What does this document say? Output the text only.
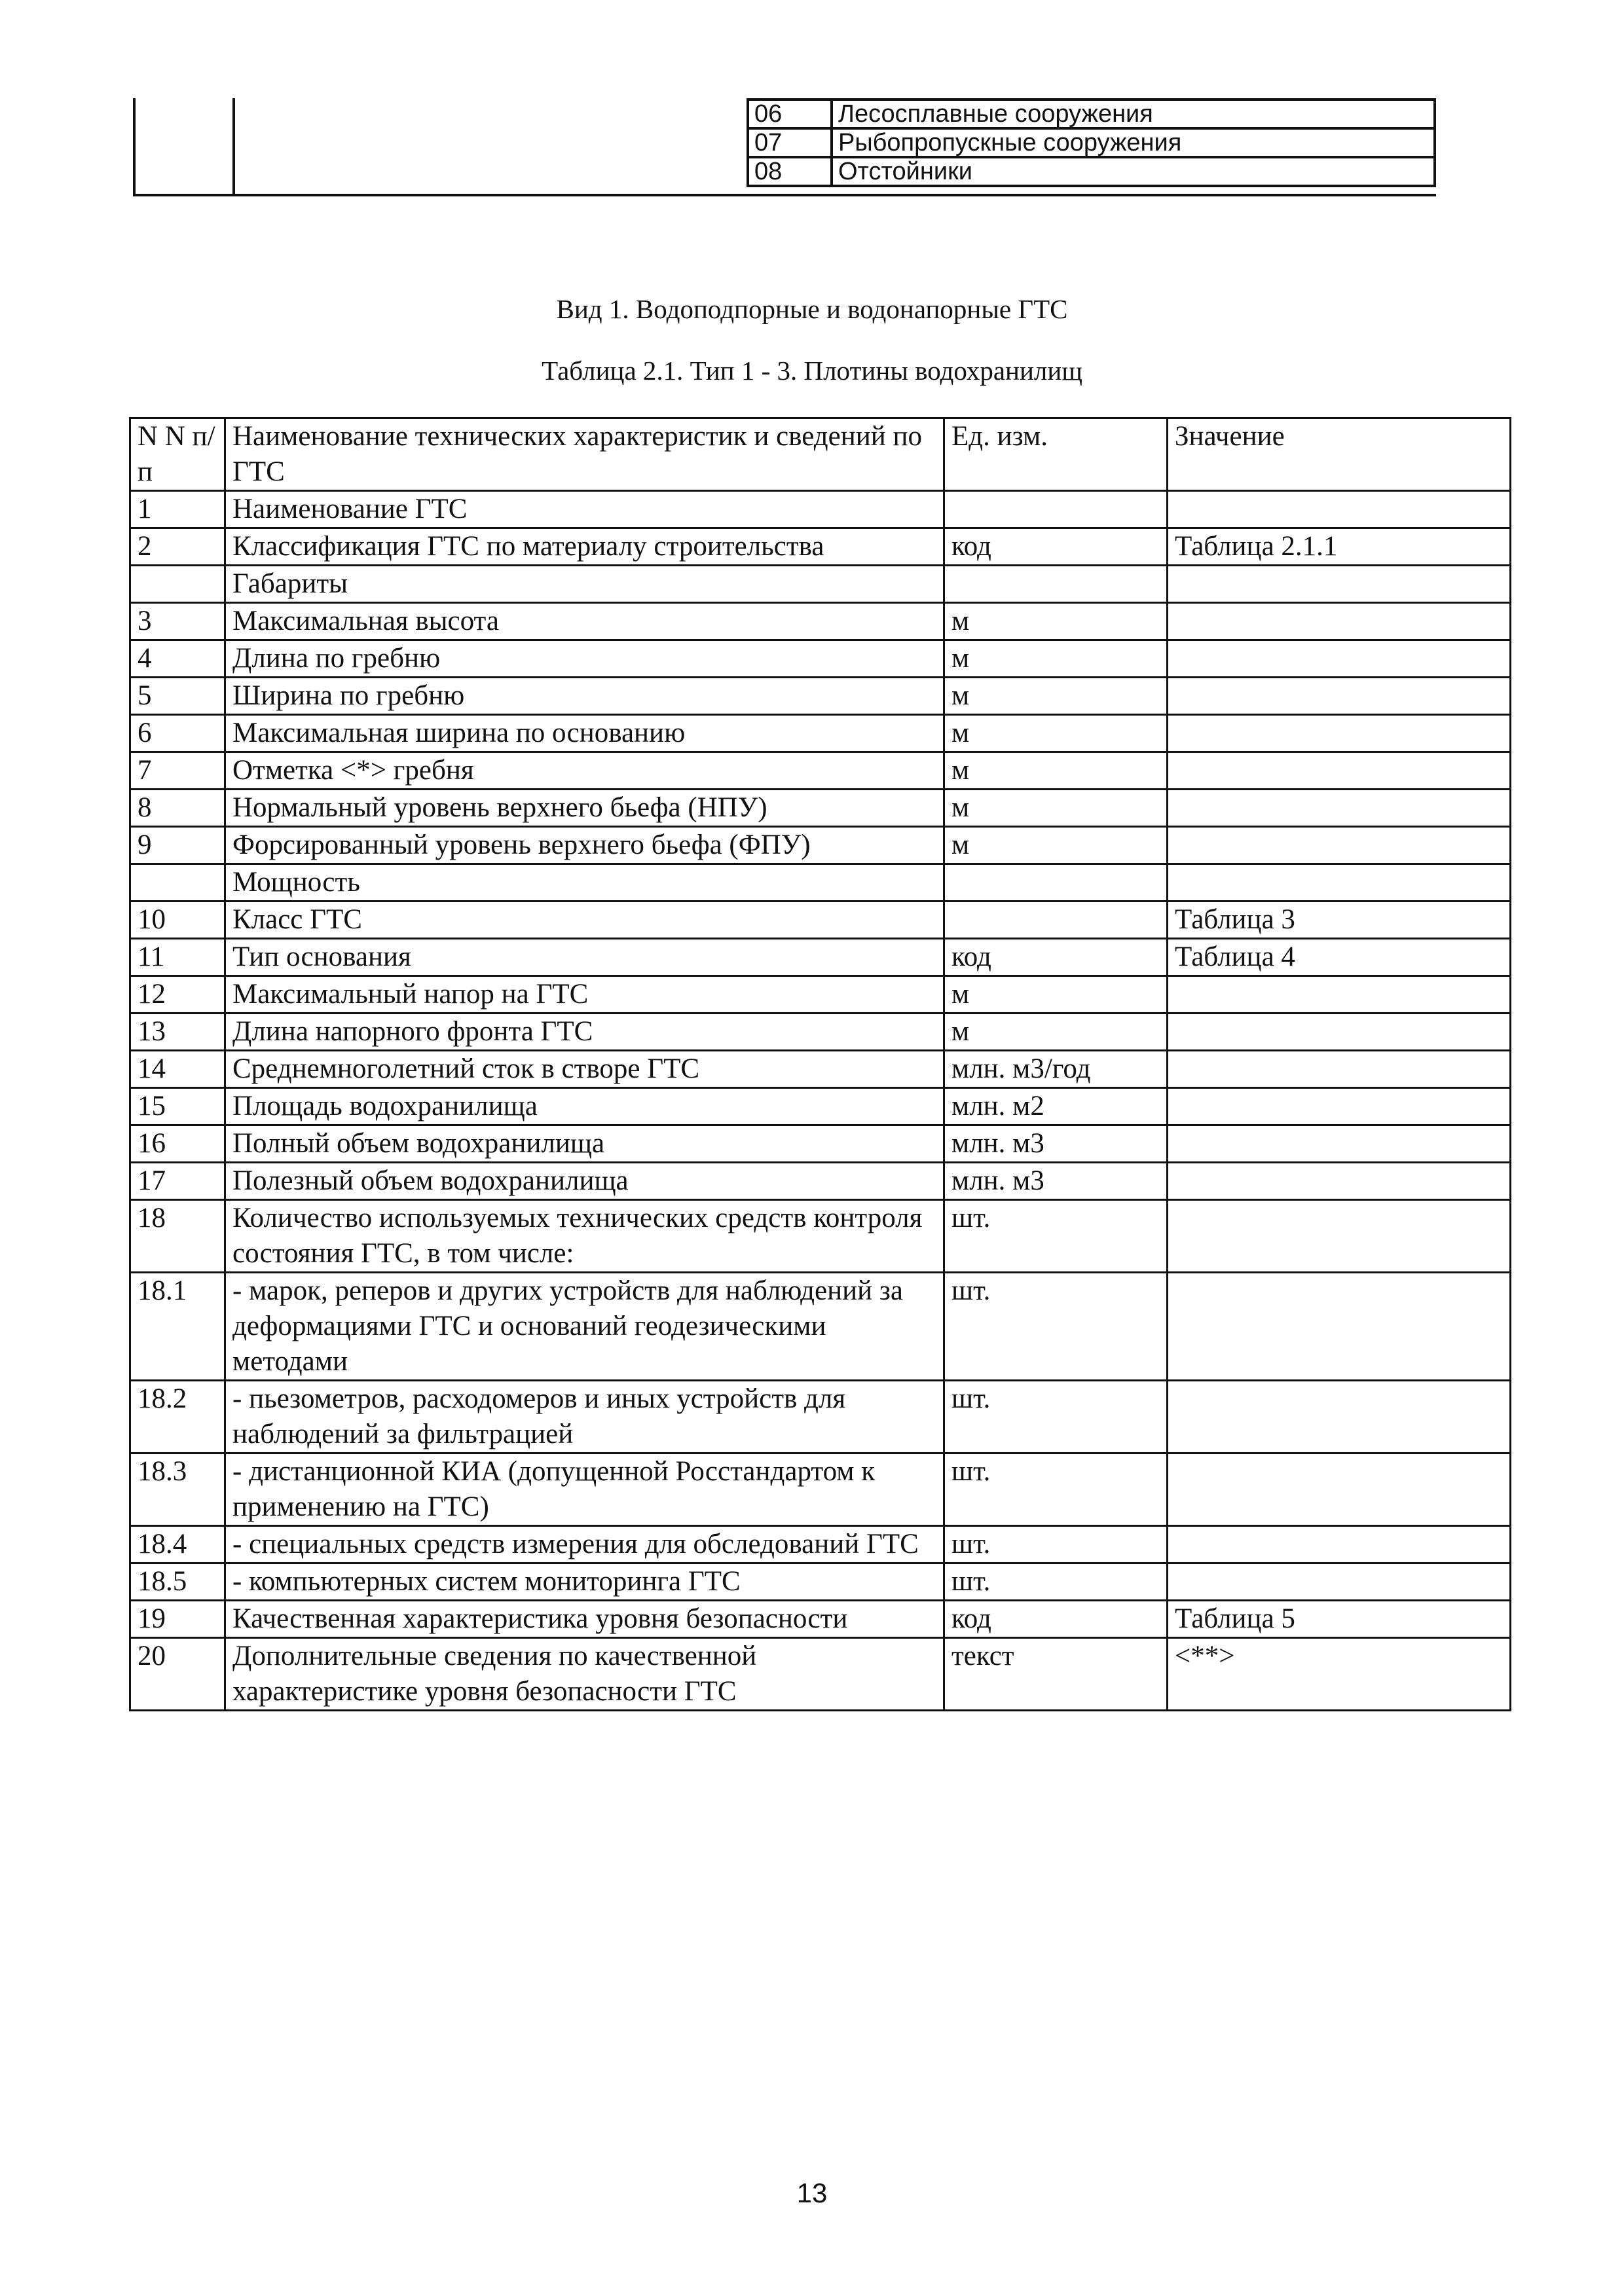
06	Лесосплавные сооружения
07	Рыбопропускные сооружения
08	Отстойники
Вид 1. Водоподпорные и водонапорные ГТС
Таблица 2.1. Тип 1 - 3. Плотины водохранилищ
N N п/п	Наименование технических характеристик и сведений по ГТС	Ед. изм.	Значение
1	Наименование ГТС		
2	Классификация ГТС по материалу строительства	код	Таблица 2.1.1
	Габариты		
3	Максимальная высота	м	
4	Длина по гребню	м	
5	Ширина по гребню	м	
6	Максимальная ширина по основанию	м	
7	Отметка <*> гребня	м	
8	Нормальный уровень верхнего бьефа (НПУ)	м	
9	Форсированный уровень верхнего бьефа (ФПУ)	м	
	Мощность		
10	Класс ГТС		Таблица 3
11	Тип основания	код	Таблица 4
12	Максимальный напор на ГТС	м	
13	Длина напорного фронта ГТС	м	
14	Среднемноголетний сток в створе ГТС	млн. м3/год	
15	Площадь водохранилища	млн. м2	
16	Полный объем водохранилища	млн. м3	
17	Полезный объем водохранилища	млн. м3	
18	Количество используемых технических средств контроля состояния ГТС, в том числе:	шт.	
18.1	- марок, реперов и других устройств для наблюдений за деформациями ГТС и оснований геодезическими методами	шт.	
18.2	- пьезометров, расходомеров и иных устройств для наблюдений за фильтрацией	шт.	
18.3	- дистанционной КИА (допущенной Росстандартом к применению на ГТС)	шт.	
18.4	- специальных средств измерения для обследований ГТС	шт.	
18.5	- компьютерных систем мониторинга ГТС	шт.	
19	Качественная характеристика уровня безопасности	код	Таблица 5
20	Дополнительные сведения по качественной характеристике уровня безопасности ГТС	текст	<**>
13
